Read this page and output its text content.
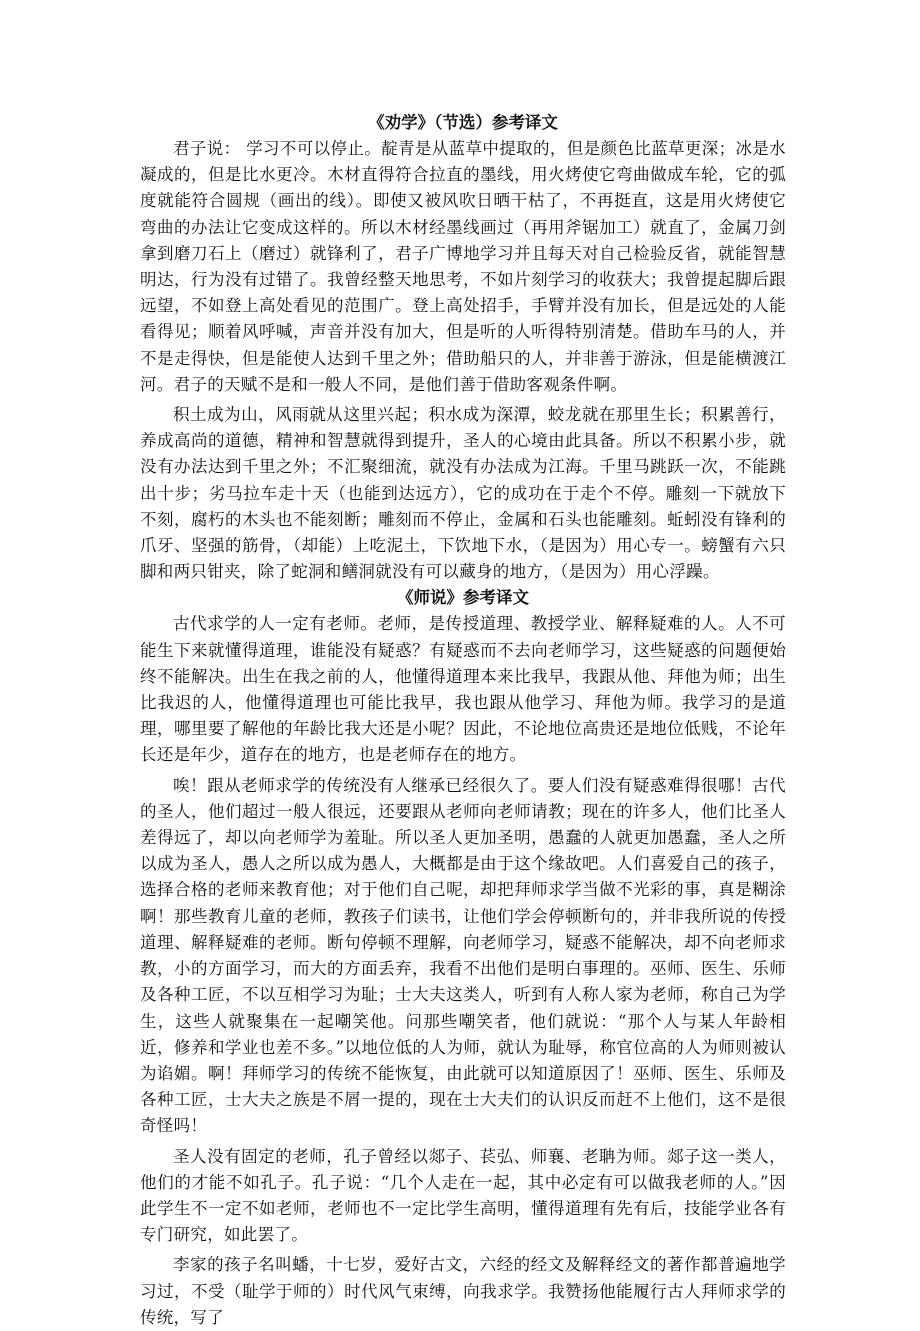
《劝学》（节选）参考译文

君子说： 学习不可以停止。靛青是从蓝草中提取的，但是颜色比蓝草更深；冰是水凝成的，但是比水更冷。木材直得符合拉直的墨线，用火烤使它弯曲做成车轮，它的弧度就能符合圆规（画出的线）。即使又被风吹日晒干枯了，不再挺直，这是用火烤使它弯曲的办法让它变成这样的。所以木材经墨线画过（再用斧锯加工）就直了，金属刀剑拿到磨刀石上（磨过）就锋利了，君子广博地学习并且每天对自己检验反省，就能智慧明达，行为没有过错了。我曾经整天地思考，不如片刻学习的收获大；我曾提起脚后跟远望，不如登上高处看见的范围广。登上高处招手，手臂并没有加长，但是远处的人能看得见；顺着风呼喊，声音并没有加大，但是听的人听得特别清楚。借助车马的人，并不是走得快，但是能使人达到千里之外；借助船只的人，并非善于游泳，但是能横渡江河。君子的天赋不是和一般人不同，是他们善于借助客观条件啊。

积土成为山，风雨就从这里兴起；积水成为深潭，蛟龙就在那里生长；积累善行，养成高尚的道德，精神和智慧就得到提升，圣人的心境由此具备。所以不积累小步，就没有办法达到千里之外；不汇聚细流，就没有办法成为江海。千里马跳跃一次，不能跳出十步；劣马拉车走十天（也能到达远方），它的成功在于走个不停。雕刻一下就放下不刻，腐朽的木头也不能刻断；雕刻而不停止，金属和石头也能雕刻。蚯蚓没有锋利的爪牙、坚强的筋骨，（却能）上吃泥土，下饮地下水，（是因为）用心专一。螃蟹有六只脚和两只钳夹，除了蛇洞和鳝洞就没有可以藏身的地方，（是因为）用心浮躁。

《师说》参考译文

古代求学的人一定有老师。老师，是传授道理、教授学业、解释疑难的人。人不可能生下来就懂得道理，谁能没有疑惑？有疑惑而不去向老师学习，这些疑惑的问题便始终不能解决。出生在我之前的人，他懂得道理本来比我早，我跟从他、拜他为师；出生比我迟的人，他懂得道理也可能比我早，我也跟从他学习、拜他为师。我学习的是道理，哪里要了解他的年龄比我大还是小呢？因此，不论地位高贵还是地位低贱，不论年长还是年少，道存在的地方，也是老师存在的地方。

唉！跟从老师求学的传统没有人继承已经很久了。要人们没有疑惑难得很哪！古代的圣人，他们超过一般人很远，还要跟从老师向老师请教；现在的许多人，他们比圣人差得远了，却以向老师学为羞耻。所以圣人更加圣明，愚蠢的人就更加愚蠢，圣人之所以成为圣人，愚人之所以成为愚人，大概都是由于这个缘故吧。人们喜爱自己的孩子，选择合格的老师来教育他；对于他们自己呢，却把拜师求学当做不光彩的事，真是糊涂啊！那些教育儿童的老师，教孩子们读书，让他们学会停顿断句的，并非我所说的传授道理、解释疑难的老师。断句停顿不理解，向老师学习，疑惑不能解决，却不向老师求教，小的方面学习，而大的方面丢弃，我看不出他们是明白事理的。巫师、医生、乐师及各种工匠，不以互相学习为耻；士大夫这类人，听到有人称人家为老师，称自己为学生，这些人就聚集在一起嘲笑他。问那些嘲笑者，他们就说：“那个人与某人年龄相近，修养和学业也差不多。”以地位低的人为师，就认为耻辱，称官位高的人为师则被认为谄媚。啊！拜师学习的传统不能恢复，由此就可以知道原因了！巫师、医生、乐师及各种工匠，士大夫之族是不屑一提的，现在士大夫们的认识反而赶不上他们，这不是很奇怪吗！

圣人没有固定的老师，孔子曾经以郯子、苌弘、师襄、老聃为师。郯子这一类人，他们的才能不如孔子。孔子说：“几个人走在一起，其中必定有可以做我老师的人。”因此学生不一定不如老师，老师也不一定比学生高明，懂得道理有先有后，技能学业各有专门研究，如此罢了。

李家的孩子名叫蟠，十七岁，爱好古文，六经的经文及解释经文的著作都普遍地学习过，不受（耻学于师的）时代风气束缚，向我求学。我赞扬他能履行古人拜师求学的传统，写了
